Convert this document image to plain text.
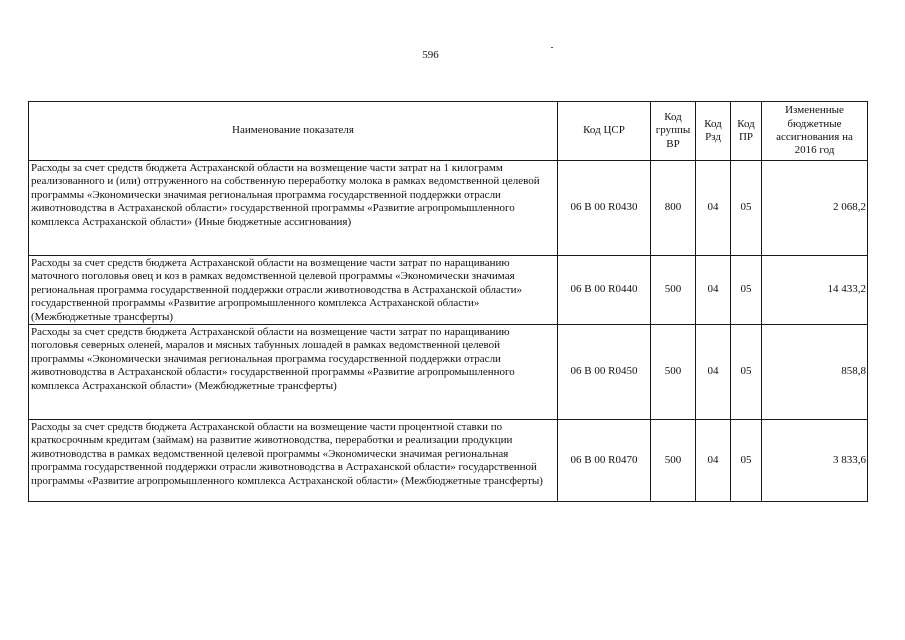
596
Наименование показателя	Код ЦСР	Код группы ВР	Код Рзд	Код ПР	Измененные бюджетные ассигнования на 2016 год
Расходы за счет средств бюджета Астраханской области на возмещение части затрат на 1 килограмм реализованного и (или) отгруженного на собственную переработку молока в рамках ведомственной целевой программы «Экономически значимая региональная программа государственной поддержки отрасли животноводства в Астраханской области» государственной программы «Развитие агропромышленного комплекса Астраханской области» (Иные бюджетные ассигнования)	06 В 00 R0430	800	04	05	2 068,2
Расходы за счет средств бюджета Астраханской области на возмещение части затрат по наращиванию маточного поголовья овец и коз в рамках ведомственной целевой программы «Экономически значимая региональная программа государственной поддержки отрасли животноводства в Астраханской области» государственной программы «Развитие агропромышленного комплекса Астраханской области» (Межбюджетные трансферты)	06 В 00 R0440	500	04	05	14 433,2
Расходы за счет средств бюджета Астраханской области на возмещение части затрат по наращиванию поголовья северных оленей, маралов и мясных табунных лошадей в рамках ведомственной целевой программы «Экономически значимая региональная программа государственной поддержки отрасли животноводства в Астраханской области» государственной программы «Развитие агропромышленного комплекса Астраханской области» (Межбюджетные трансферты)	06 В 00 R0450	500	04	05	858,8
Расходы за счет средств бюджета Астраханской области на возмещение части процентной ставки по краткосрочным кредитам (займам) на развитие животноводства, переработки и реализации продукции животноводства в рамках ведомственной целевой программы «Экономически значимая региональная программа государственной поддержки отрасли животноводства в Астраханской области» государственной программы «Развитие агропромышленного комплекса Астраханской области» (Межбюджетные трансферты)	06 В 00 R0470	500	04	05	3 833,6
